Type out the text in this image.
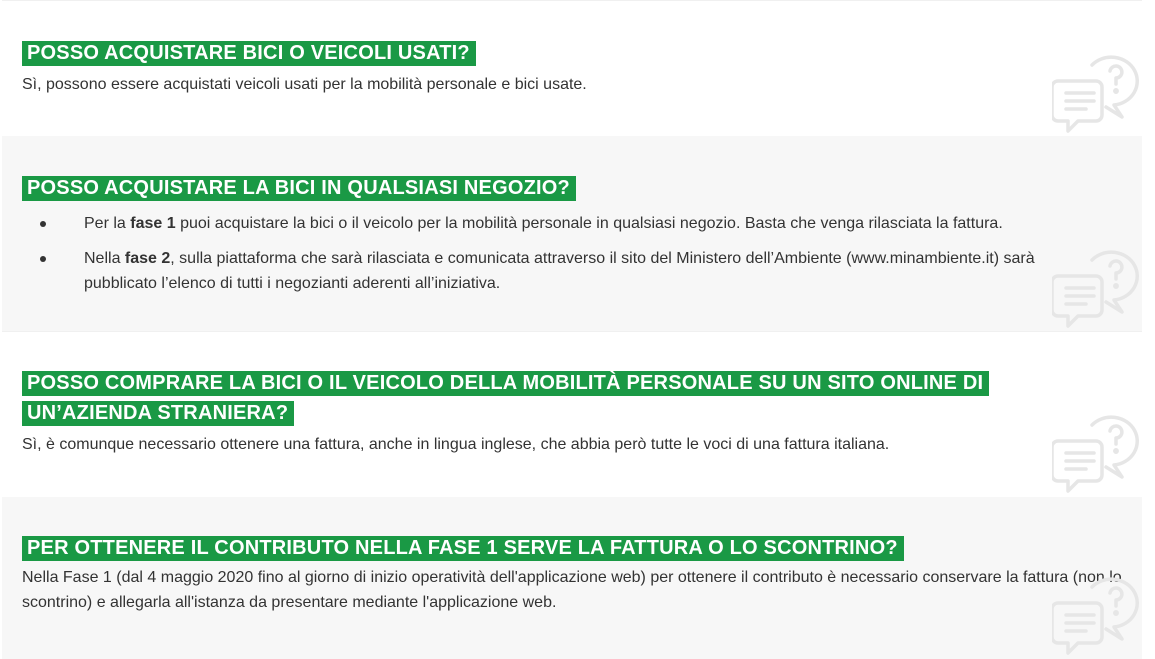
POSSO ACQUISTARE BICI O VEICOLI USATI?

Sì, possono essere acquistati veicoli usati per la mobilità personale e bici usate.

POSSO ACQUISTARE LA BICI IN QUALSIASI NEGOZIO?
Per la fase 1 puoi acquistare la bici o il veicolo per la mobilità personale in qualsiasi negozio. Basta che venga rilasciata la fattura.
Nella fase 2, sulla piattaforma che sarà rilasciata e comunicata attraverso il sito del Ministero dell’Ambiente (www.minambiente.it) sarà pubblicato l’elenco di tutti i negozianti aderenti all’iniziativa.
POSSO COMPRARE LA BICI O IL VEICOLO DELLA MOBILITÀ PERSONALE SU UN SITO ONLINE DI
UN’AZIENDA STRANIERA?

Sì, è comunque necessario ottenere una fattura, anche in lingua inglese, che abbia però tutte le voci di una fattura italiana.

PER OTTENERE IL CONTRIBUTO NELLA FASE 1 SERVE LA FATTURA O LO SCONTRINO?

Nella Fase 1 (dal 4 maggio 2020 fino al giorno di inizio operatività dell'applicazione web) per ottenere il contributo è necessario conservare la fattura (non lo scontrino) e allegarla all'istanza da presentare mediante l'applicazione web.
